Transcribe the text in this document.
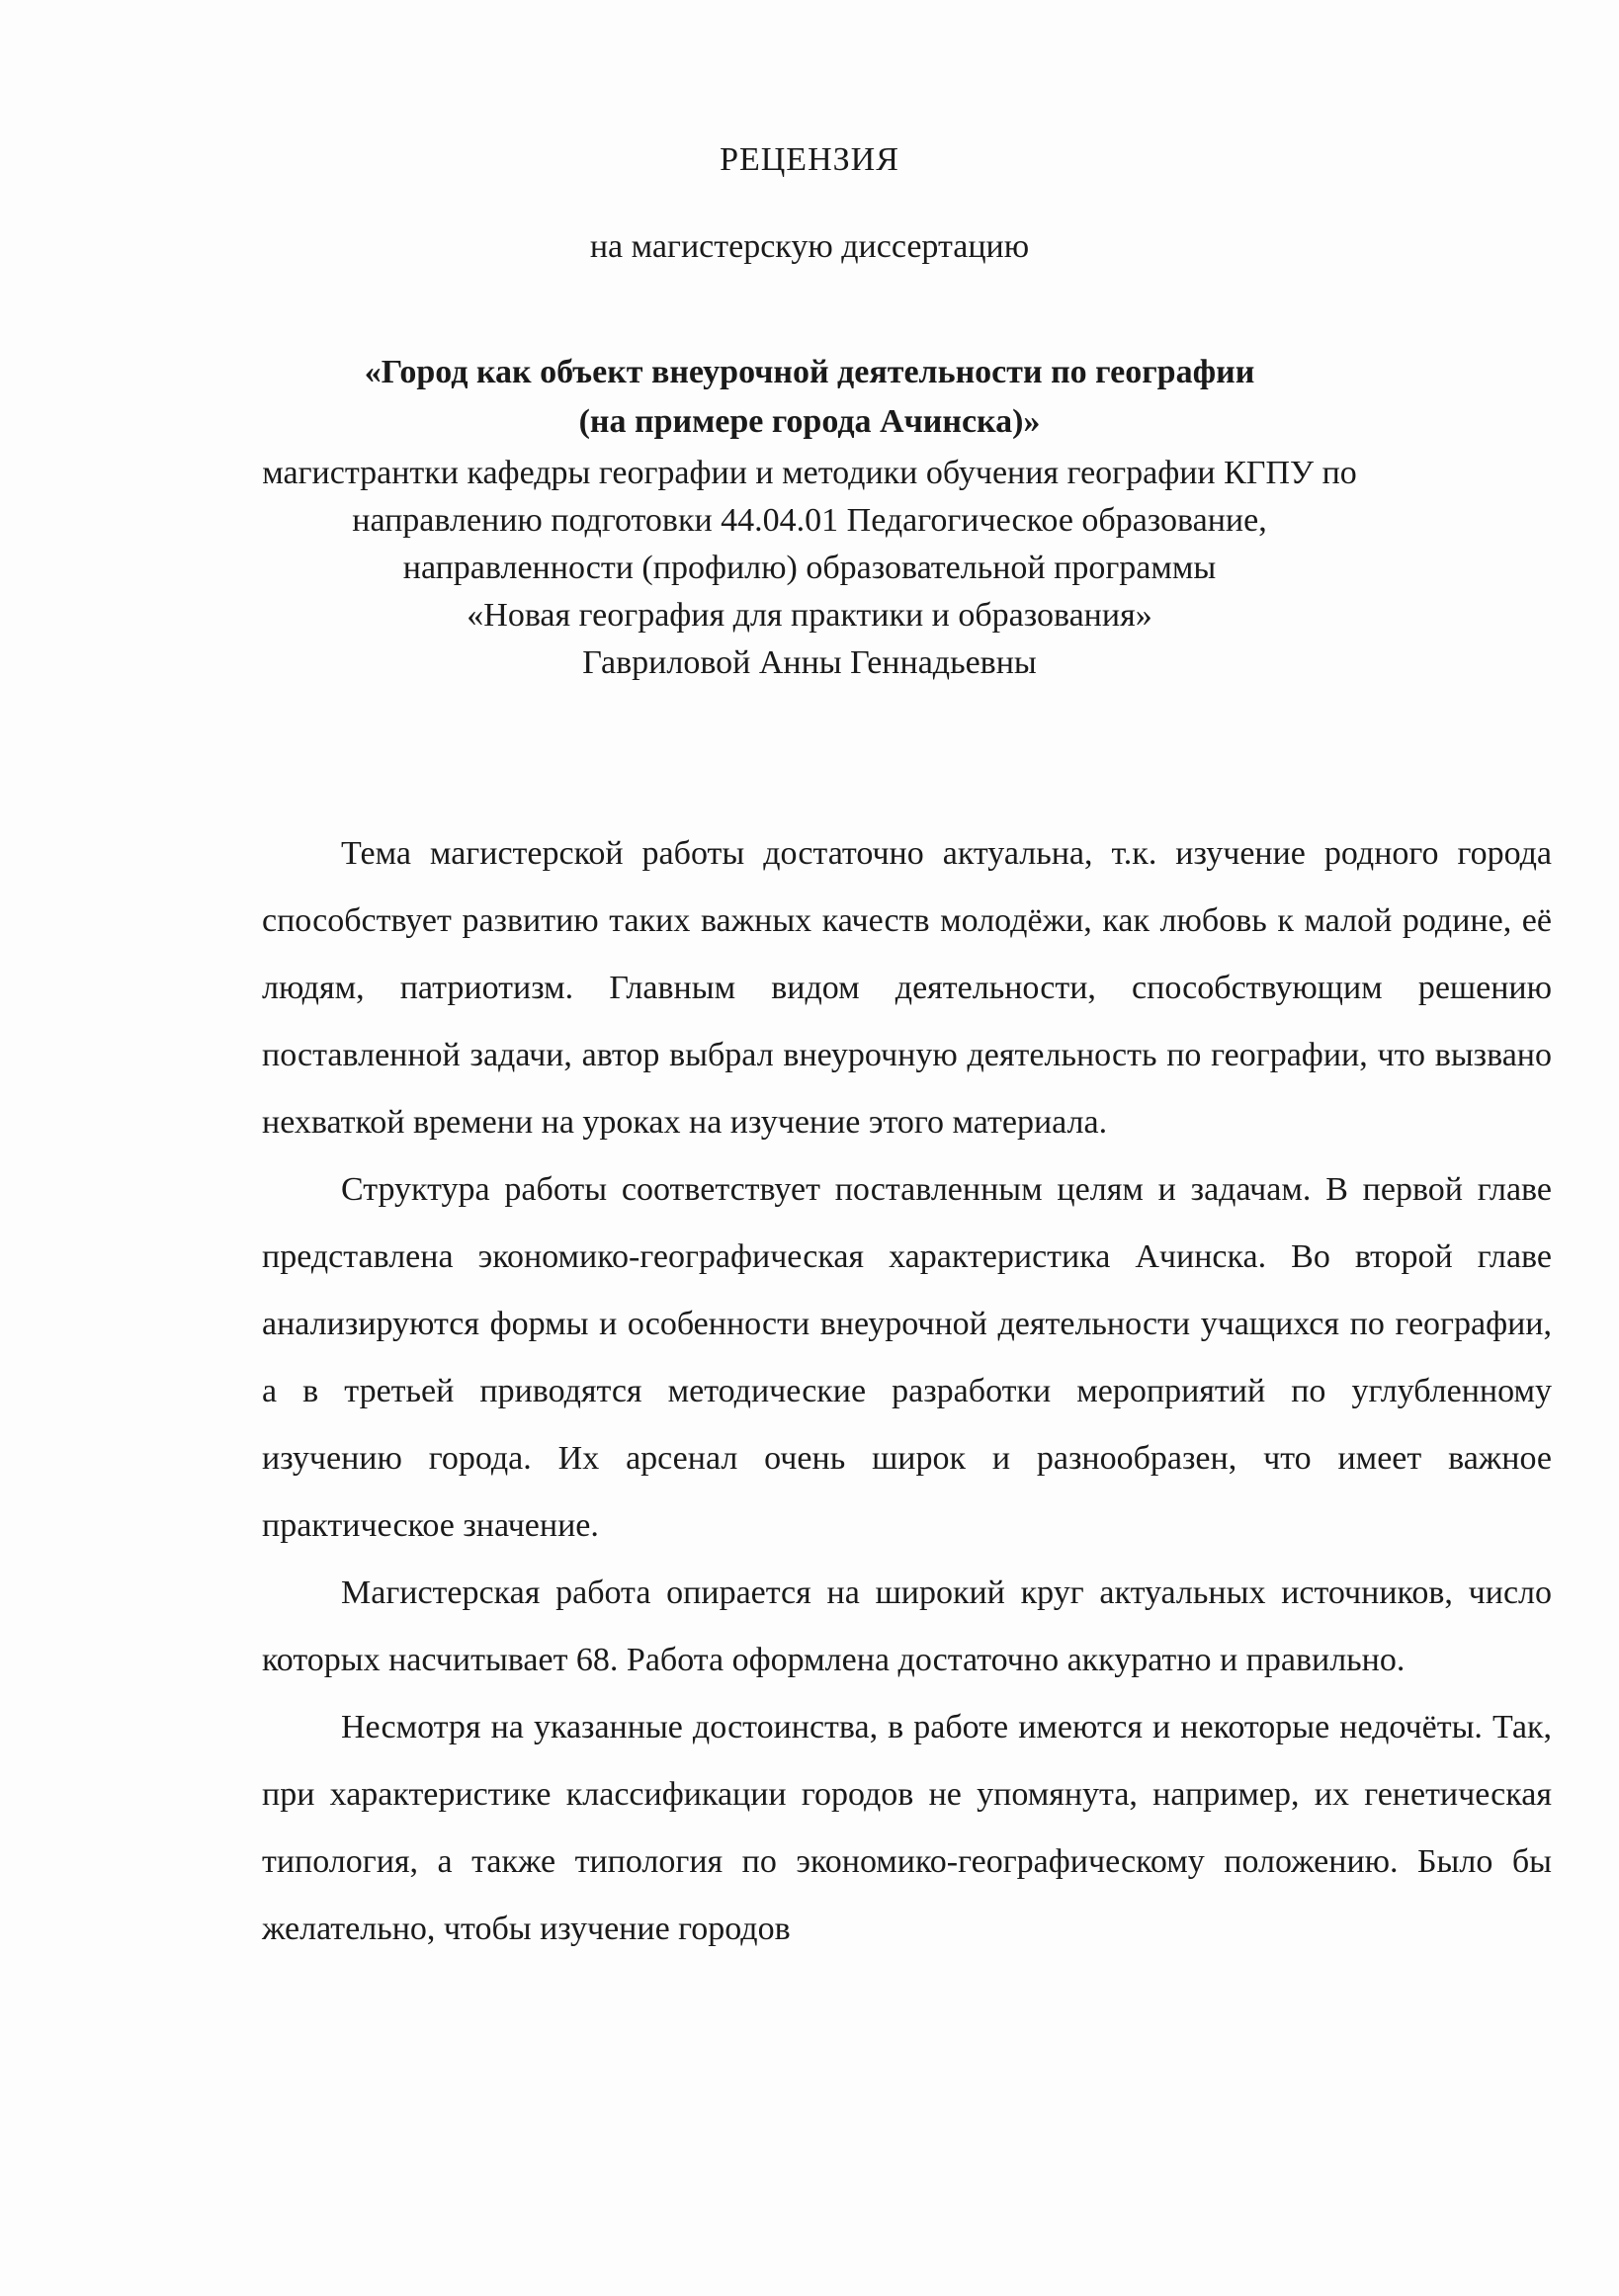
РЕЦЕНЗИЯ
на магистерскую диссертацию
«Город как объект внеурочной деятельности по географии
(на примере города Ачинска)»
магистрантки кафедры географии и методики обучения географии КГПУ по
направлению подготовки 44.04.01 Педагогическое образование,
направленности (профилю) образовательной программы
«Новая география для практики и образования»
Гавриловой Анны Геннадьевны

Тема магистерской работы достаточно актуальна, т.к. изучение родного города способствует развитию таких важных качеств молодёжи, как любовь к малой родине, её людям, патриотизм. Главным видом деятельности, способствующим решению поставленной задачи, автор выбрал внеурочную деятельность по географии, что вызвано нехваткой времени на уроках на изучение этого материала.

Структура работы соответствует поставленным целям и задачам. В первой главе представлена экономико-географическая характеристика Ачинска. Во второй главе анализируются формы и особенности внеурочной деятельности учащихся по географии, а в третьей приводятся методические разработки мероприятий по углубленному изучению города. Их арсенал очень широк и разнообразен, что имеет важное практическое значение.

Магистерская работа опирается на широкий круг актуальных источников, число которых насчитывает 68. Работа оформлена достаточно аккуратно и правильно.

Несмотря на указанные достоинства, в работе имеются и некоторые недочёты. Так, при характеристике классификации городов не упомянута, например, их генетическая типология, а также типология по экономико-географическому положению. Было бы желательно, чтобы изучение городов
